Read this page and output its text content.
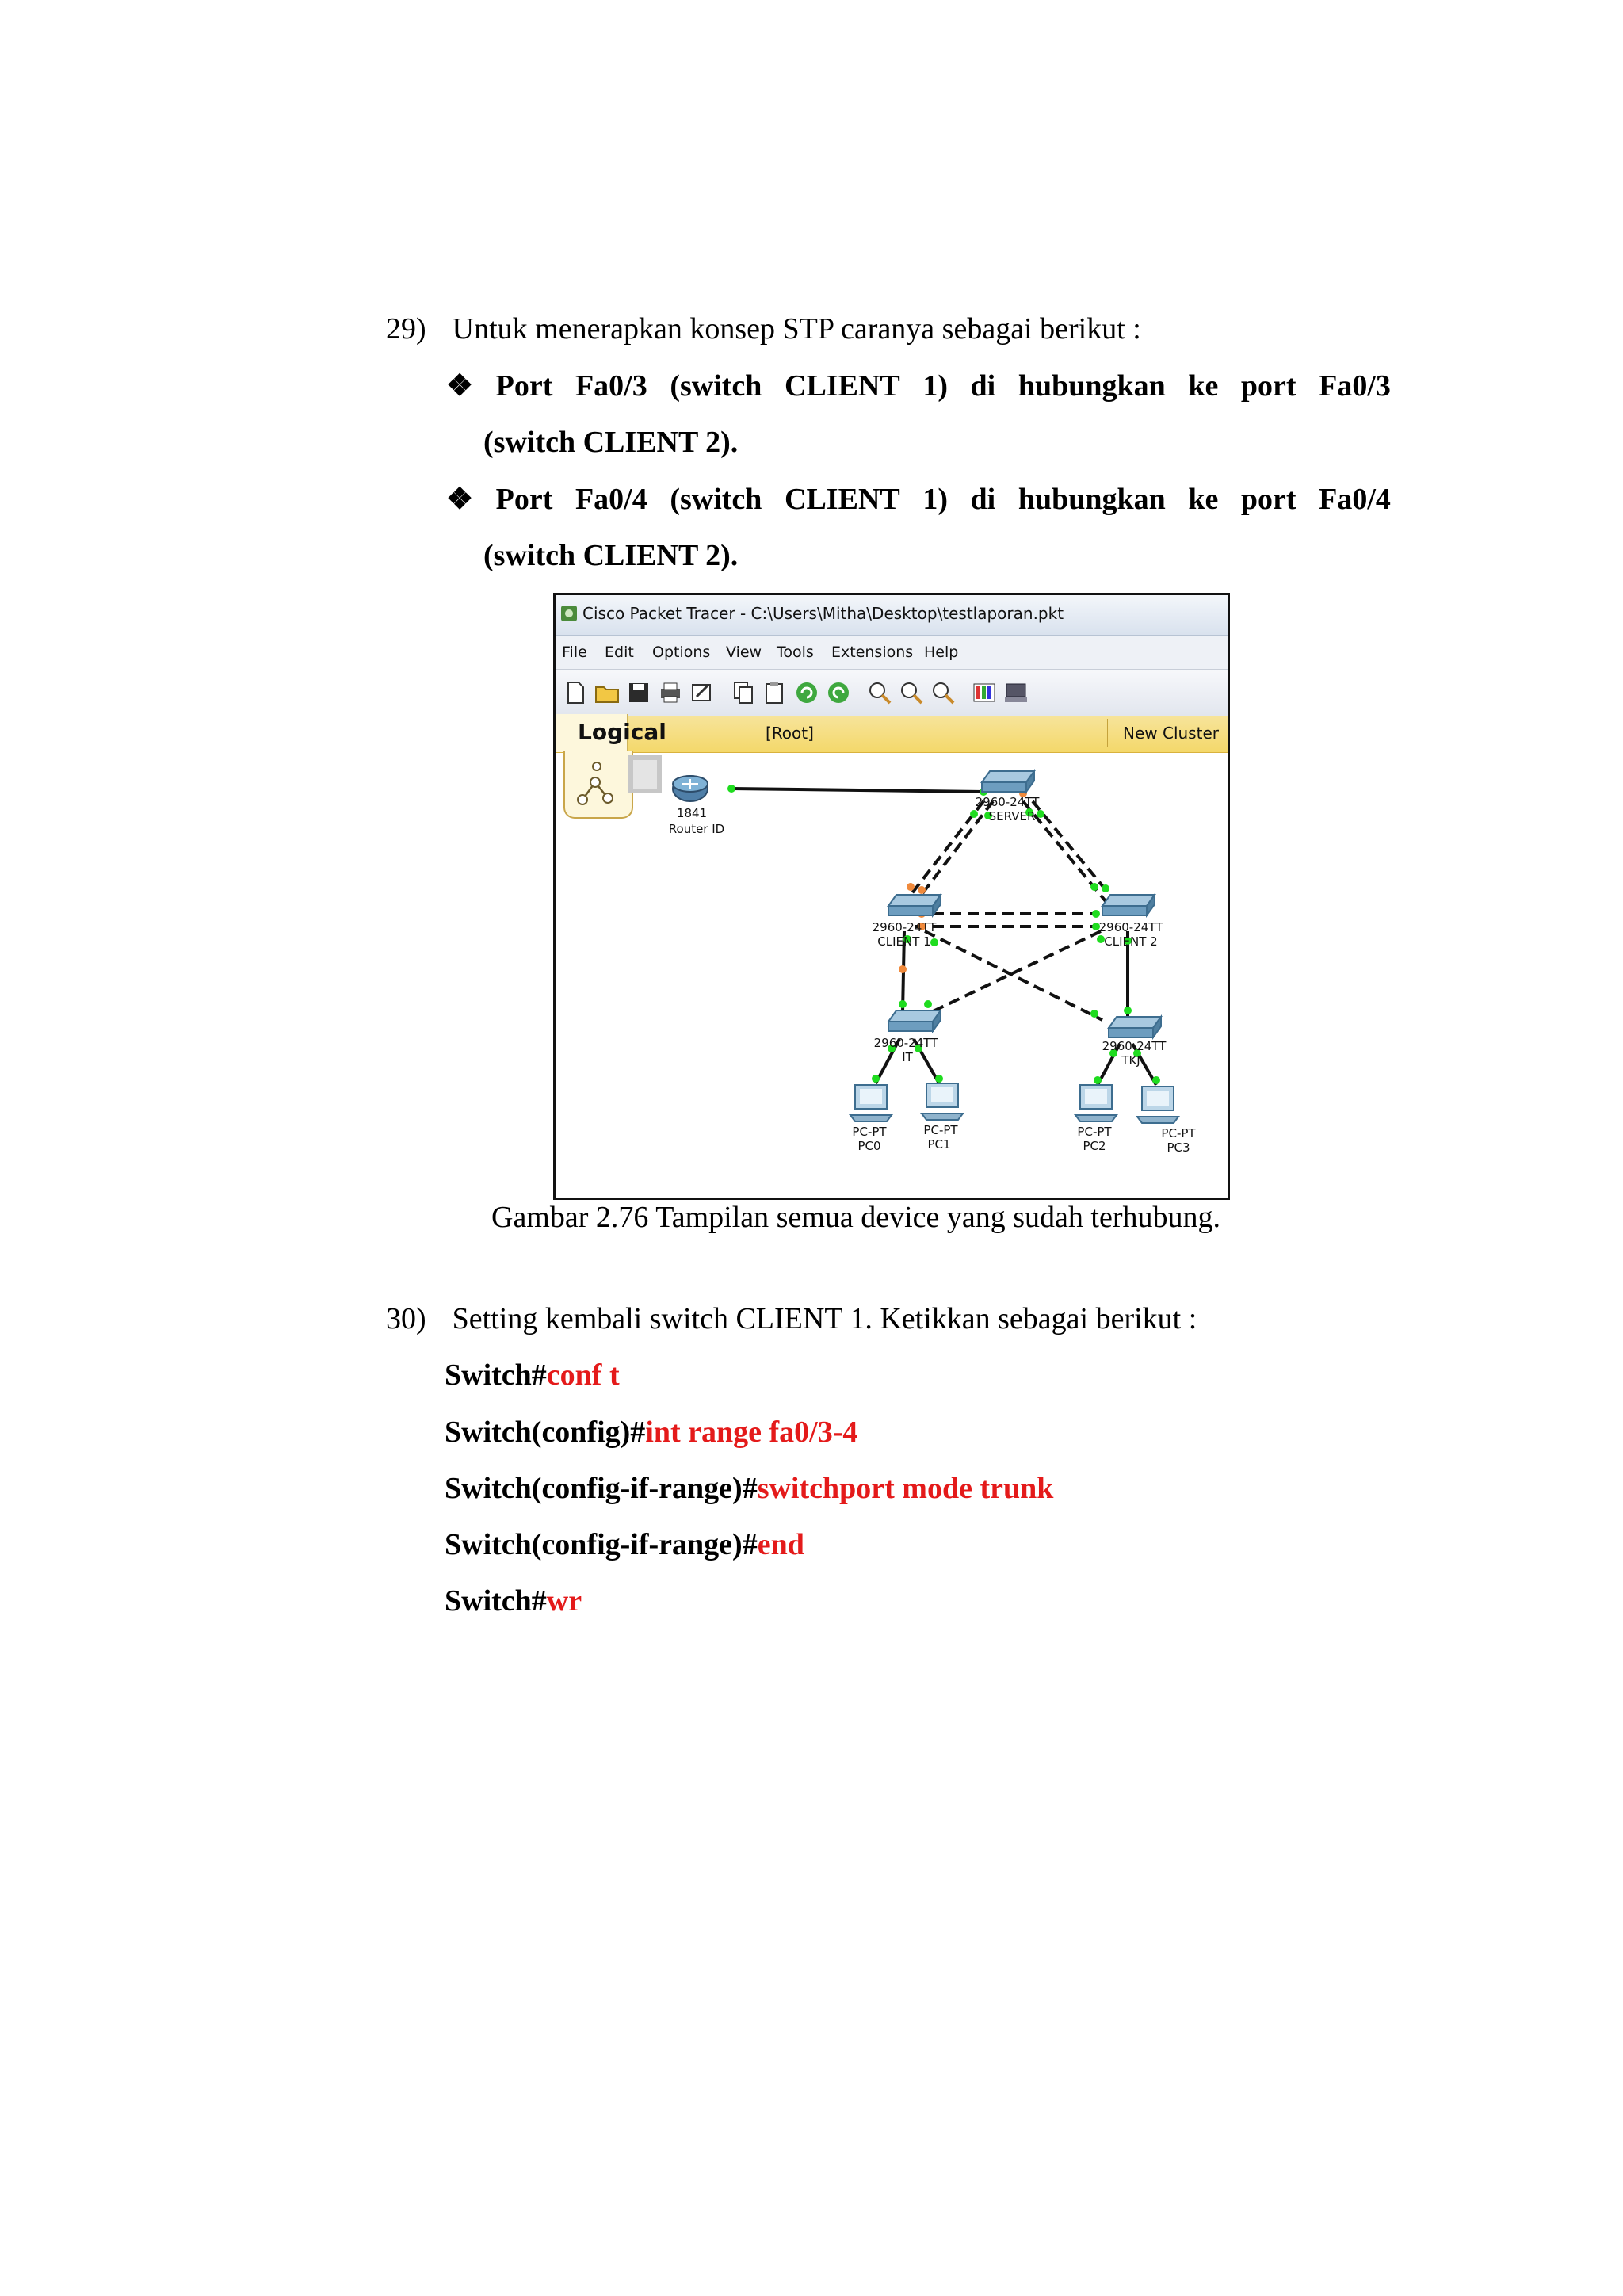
29) Untuk menerapkan konsep STP caranya sebagai berikut :
❖ Port Fa0/3 (switch CLIENT 1) di hubungkan ke port Fa0/3
(switch CLIENT 2).
❖ Port Fa0/4 (switch CLIENT 1) di hubungkan ke port Fa0/4
(switch CLIENT 2).
Cisco Packet Tracer - C:\Users\Mitha\Desktop\testlaporan.pkt
File Edit Options View Tools Extensions Help
Logical	[Root]	New Cluster
1841
Router ID
2960-24TT
SERVER
2960-24TT
CLIENT 1
2960-24TT
CLIENT 2
2960-24TT
IT
2960-24TT
TKJ
PC-PT
PC0
PC-PT
PC1
PC-PT
PC2
PC-PT
PC3
Gambar 2.76 Tampilan semua device yang sudah terhubung.
30) Setting kembali switch CLIENT 1. Ketikkan sebagai berikut :
Switch#conf t
Switch(config)#int range fa0/3-4
Switch(config-if-range)#switchport mode trunk
Switch(config-if-range)#end
Switch#wr
